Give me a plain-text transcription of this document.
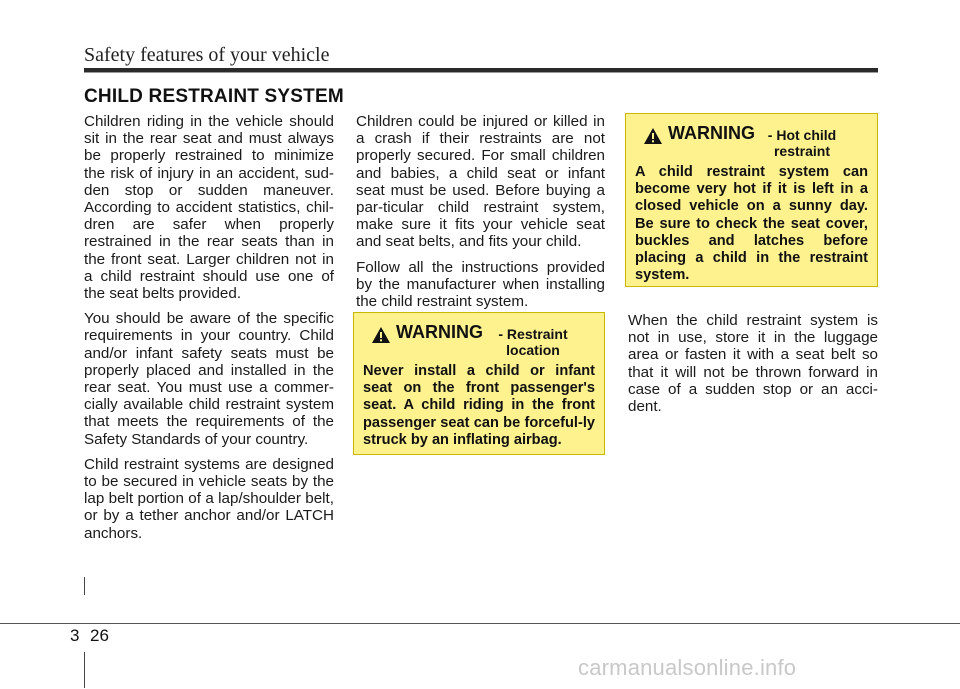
Safety features of your vehicle
CHILD RESTRAINT SYSTEM

Children riding in the vehicle should sit in the rear seat and must always be properly restrained to minimize the risk of injury in an accident, sud-den stop or sudden maneuver. According to accident statistics, chil-dren are safer when properly restrained in the rear seats than in the front seat. Larger children not in a child restraint should use one of the seat belts provided.

You should be aware of the specific requirements in your country. Child and/or infant safety seats must be properly placed and installed in the rear seat. You must use a commer-cially available child restraint system that meets the requirements of the Safety Standards of your country.

Child restraint systems are designed to be secured in vehicle seats by the lap belt portion of a lap/shoulder belt, or by a tether anchor and/or LATCH anchors.

Children could be injured or killed in a crash if their restraints are not properly secured. For small children and babies, a child seat or infant seat must be used. Before buying a par-ticular child restraint system, make sure it fits your vehicle seat and seat belts, and fits your child.

Follow all the instructions provided by the manufacturer when installing the child restraint system.

WARNING - Hot child restraint
A child restraint system can become very hot if it is left in a closed vehicle on a sunny day. Be sure to check the seat cover, buckles and latches before placing a child in the restraint system.
WARNING	- Restraint location
Never install a child or infant seat on the front passenger's seat. A child riding in the front passenger seat can be forceful-ly struck by an inflating airbag.

When the child restraint system is not in use, store it in the luggage area or fasten it with a seat belt so that it will not be thrown forward in case of a sudden stop or an acci-dent.

3 26
carmanualsonline.info
